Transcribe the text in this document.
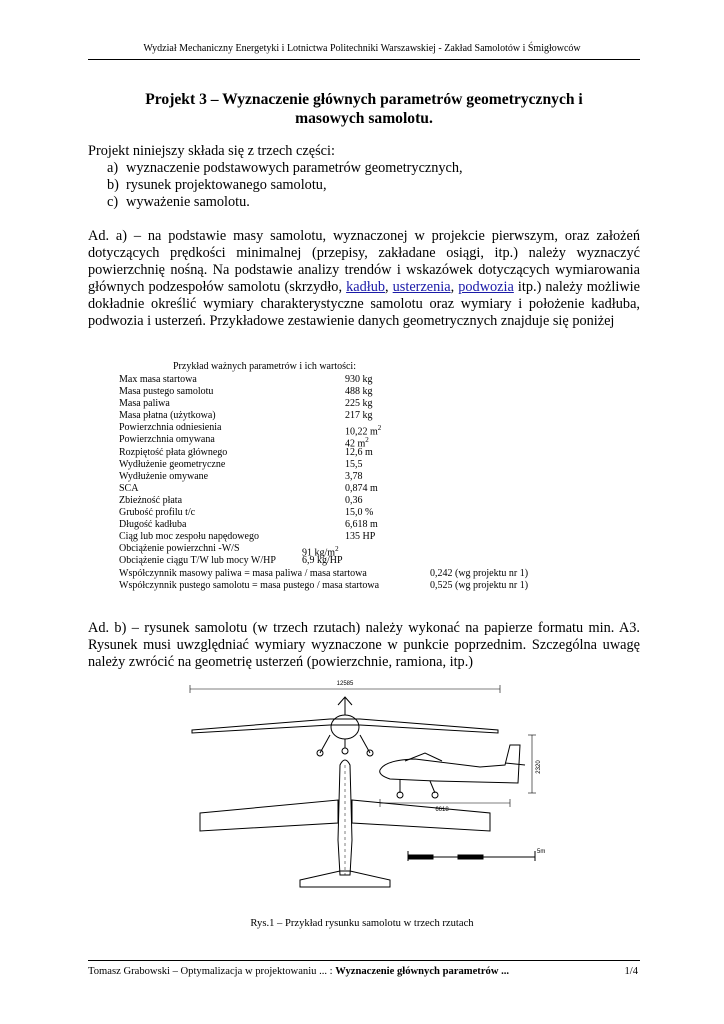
Wydział Mechaniczny Energetyki i Lotnictwa Politechniki Warszawskiej - Zakład Samolotów i Śmigłowców
Projekt 3 – Wyznaczenie głównych parametrów geometrycznych i
masowych samolotu.
Projekt niniejszy składa się z trzech części:
a) wyznaczenie podstawowych parametrów geometrycznych,
b) rysunek projektowanego samolotu,
c) wyważenie samolotu.
Ad. a) – na podstawie masy samolotu, wyznaczonej w projekcie pierwszym, oraz założeń dotyczących prędkości minimalnej (przepisy, zakładane osiągi, itp.) należy wyznaczyć powierzchnię nośną. Na podstawie analizy trendów i wskazówek dotyczących wymiarowania głównych podzespołów samolotu (skrzydło, kadłub, usterzenia, podwozia itp.) należy możliwie dokładnie określić wymiary charakterystyczne samolotu oraz wymiary i położenie kadłuba, podwozia i usterzeń. Przykładowe zestawienie danych geometrycznych znajduje się poniżej
Przykład ważnych parametrów i ich wartości:
Max masa startowa	930 kg
Masa pustego samolotu	488 kg
Masa paliwa	225 kg
Masa płatna (użytkowa)	217 kg
Powierzchnia odniesienia	10,22 $m^2$
Powierzchnia omywana	42 $m^2$
Rozpiętość płata głównego	12,6 m
Wydłużenie geometryczne	15,5
Wydłużenie omywane	3,78
SCA	0,874 m
Zbieżność płata	0,36
Grubość profilu t/c	15,0 %
Długość kadłuba	6,618 m
Ciąg lub moc zespołu napędowego	135 HP
Obciążenie powierzchni -W/S	91 $kg/m^2$
Obciążenie ciągu T/W lub mocy W/HP	6,9 kg/HP
Współczynnik masowy paliwa = masa paliwa / masa startowa	0,242 (wg projektu nr 1)
Współczynnik pustego samolotu = masa pustego / masa startowa	0,525 (wg projektu nr 1)
Ad. b) – rysunek samolotu (w trzech rzutach) należy wykonać na papierze formatu min. A3. Rysunek musi uwzględniać wymiary wyznaczone w punkcie poprzednim. Szczególna uwagę należy zwrócić na geometrię usterzeń (powierzchnie, ramiona, itp.)
12585
6618
2320
5m
Rys.1 – Przykład rysunku samolotu w trzech rzutach
Tomasz Grabowski – Optymalizacja w projektowaniu ... : Wyznaczenie głównych parametrów ...	1/4
